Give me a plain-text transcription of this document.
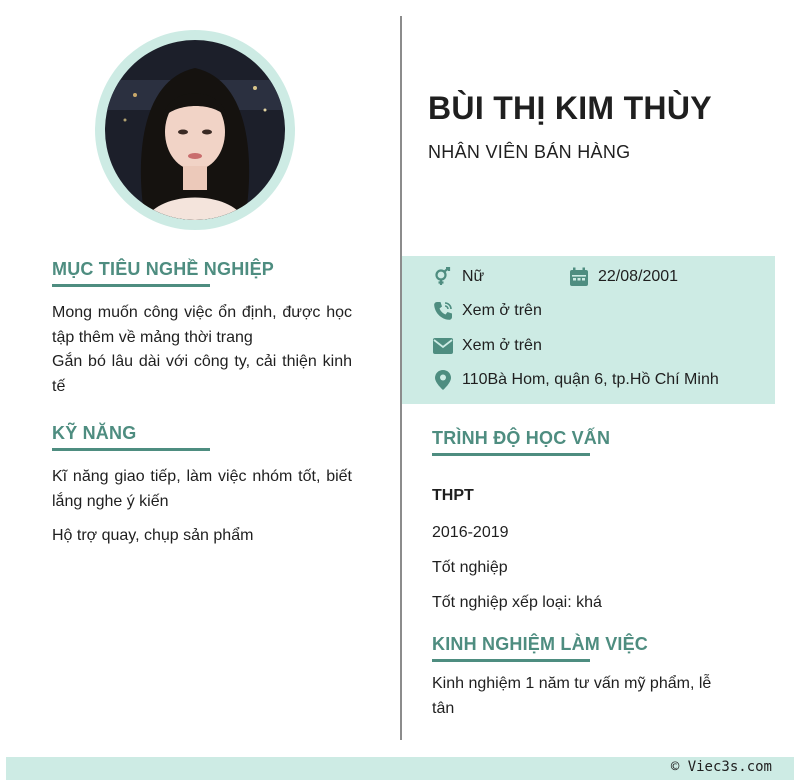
MỤC TIÊU NGHỀ NGHIỆP

Mong muốn công việc ổn định, được học tập thêm về mảng thời trang

Gắn bó lâu dài với công ty, cải thiện kinh tế

KỸ NĂNG

Kĩ năng giao tiếp, làm việc nhóm tốt, biết lắng nghe ý kiến

Hộ trợ quay, chụp sản phẩm

BÙI THỊ KIM THÙY
NHÂN VIÊN BÁN HÀNG
Nữ	22/08/2001
Xem ở trên
Xem ở trên
110Bà Hom, quận 6, tp.Hồ Chí Minh
TRÌNH ĐỘ HỌC VẤN
THPT
2016-2019
Tốt nghiệp
Tốt nghiệp xếp loại: khá
KINH NGHIỆM LÀM VIỆC

Kinh nghiệm 1 năm tư vấn mỹ phẩm, lễ tân

© Viec3s.com
